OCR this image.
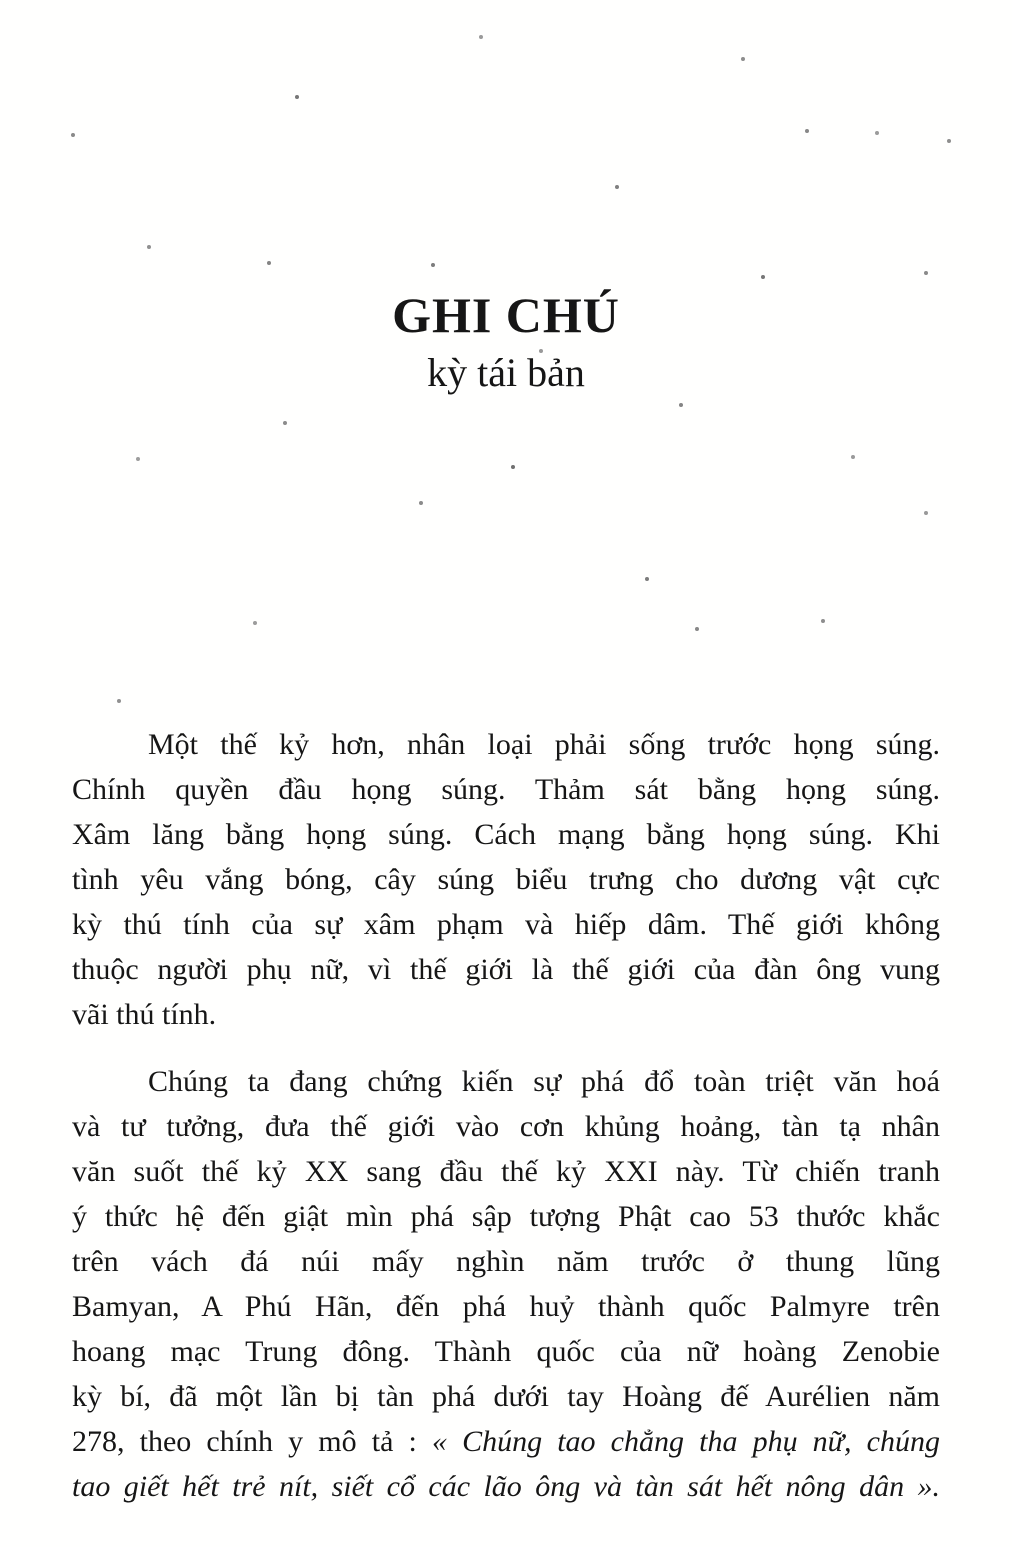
GHI CHÚ
kỳ tái bản
Một thế kỷ hơn, nhân loại phải sống trước họng súng.
Chính quyền đầu họng súng. Thảm sát bằng họng súng.
Xâm lăng bằng họng súng. Cách mạng bằng họng súng. Khi
tình yêu vắng bóng, cây súng biểu trưng cho dương vật cực
kỳ thú tính của sự xâm phạm và hiếp dâm. Thế giới không
thuộc người phụ nữ, vì thế giới là thế giới của đàn ông vung
vãi thú tính.
Chúng ta đang chứng kiến sự phá đổ toàn triệt văn hoá
và tư tưởng, đưa thế giới vào cơn khủng hoảng, tàn tạ nhân
văn suốt thế kỷ XX sang đầu thế kỷ XXI này. Từ chiến tranh
ý thức hệ đến giật mìn phá sập tượng Phật cao 53 thước khắc
trên vách đá núi mấy nghìn năm trước ở thung lũng
Bamyan, A Phú Hãn, đến phá huỷ thành quốc Palmyre trên
hoang mạc Trung đông. Thành quốc của nữ hoàng Zenobie
kỳ bí, đã một lần bị tàn phá dưới tay Hoàng đế Aurélien năm
278, theo chính y mô tả : « Chúng tao chẳng tha phụ nữ, chúng
tao giết hết trẻ nít, siết cổ các lão ông và tàn sát hết nông dân ».
